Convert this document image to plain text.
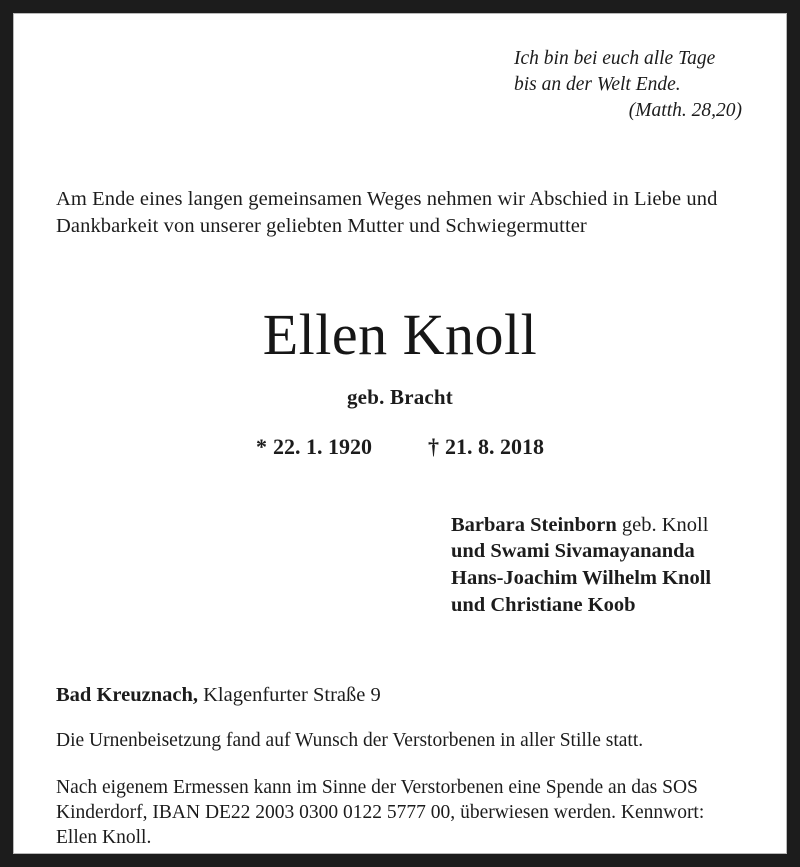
Ich bin bei euch alle Tage
bis an der Welt Ende.
(Matth. 28,20)
Am Ende eines langen gemeinsamen Weges nehmen wir Abschied in Liebe und Dankbarkeit von unserer geliebten Mutter und Schwiegermutter
Ellen Knoll
geb. Bracht
* 22. 1. 1920	† 21. 8. 2018
Barbara Steinborn geb. Knoll
und Swami Sivamayananda
Hans-Joachim Wilhelm Knoll
und Christiane Koob
Bad Kreuznach, Klagenfurter Straße 9
Die Urnenbeisetzung fand auf Wunsch der Verstorbenen in aller Stille statt.
Nach eigenem Ermessen kann im Sinne der Verstorbenen eine Spende an das SOS
Kinderdorf, IBAN DE22 2003 0300 0122 5777 00, überwiesen werden. Kennwort:
Ellen Knoll.
